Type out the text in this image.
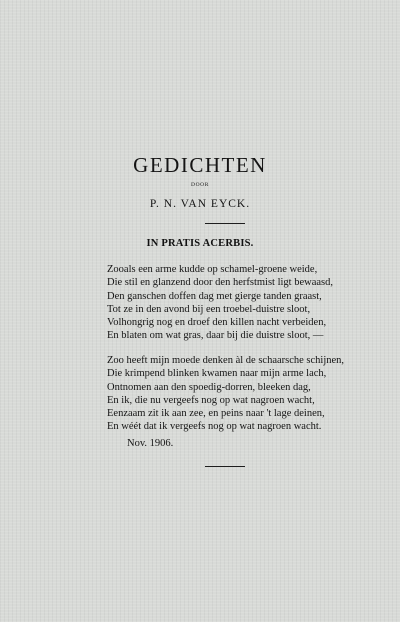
GEDICHTEN
DOOR
P. N. VAN EYCK.
IN PRATIS ACERBIS.
Zooals een arme kudde op schamel-groene weide,
Die stil en glanzend door den herfstmist ligt bewaasd,
Den ganschen doffen dag met gierge tanden graast,
Tot ze in den avond bij een troebel-duistre sloot,
Volhongrig nog en droef den killen nacht verbeiden,
En blaten om wat gras, daar bij die duistre sloot, —
Zoo heeft mijn moede denken àl de schaarsche schijnen,
Die krimpend blinken kwamen naar mijn arme lach,
Ontnomen aan den spoedig-dorren, bleeken dag,
En ik, die nu vergeefs nog op wat nagroen wacht,
Eenzaam zit ik aan zee, en peins naar 't lage deinen,
En wéét dat ik vergeefs nog op wat nagroen wacht.
Nov. 1906.
